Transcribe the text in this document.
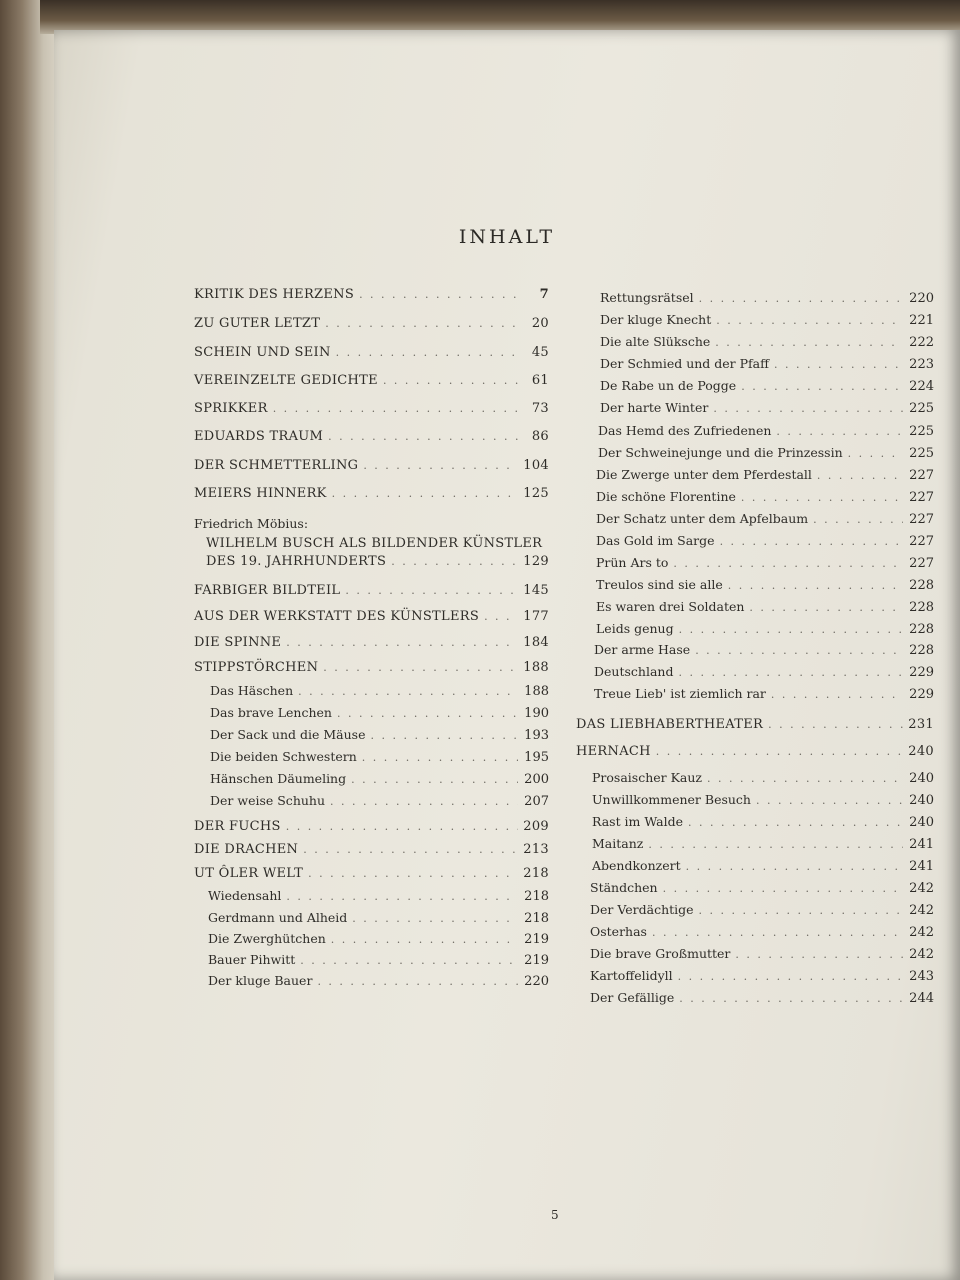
INHALT
KRITIK DES HERZENS . . .	7
ZU GUTER LETZT . . .	20
SCHEIN UND SEIN . . .	45
VEREINZELTE GEDICHTE . . .	61
SPRIKKER . . .	73
EDUARDS TRAUM . . .	86
DER SCHMETTERLING . . .	104
MEIERS HINNERK . . .	125
Friedrich Möbius:
WILHELM BUSCH ALS BILDENDER KÜNSTLER
DES 19. JAHRHUNDERTS . . .	129
FARBIGER BILDTEIL . . .	145
AUS DER WERKSTATT DES KÜNSTLERS . . .	177
DIE SPINNE . . .	184
STIPPSTÖRCHEN . . .	188
Das Häschen . . .	188
Das brave Lenchen . . .	190
Der Sack und die Mäuse . . .	193
Die beiden Schwestern . . .	195
Hänschen Däumeling . . .	200
Der weise Schuhu . . .	207
DER FUCHS . . .	209
DIE DRACHEN . . .	213
UT ÔLER WELT . . .	218
Wiedensahl . . .	218
Gerdmann und Alheid . . .	218
Die Zwerghütchen . . .	219
Bauer Pihwitt . . .	219
Der kluge Bauer . . .	220
Rettungsrätsel . . .	220
Der kluge Knecht . . .	221
Die alte Slüksche . . .	222
Der Schmied und der Pfaff . . .	223
De Rabe un de Pogge . . .	224
Der harte Winter . . .	225
Das Hemd des Zufriedenen . . .	225
Der Schweinejunge und die Prinzessin . . .	225
Die Zwerge unter dem Pferdestall . . .	227
Die schöne Florentine . . .	227
Der Schatz unter dem Apfelbaum . . .	227
Das Gold im Sarge . . .	227
Prün Ars to . . .	227
Treulos sind sie alle . . .	228
Es waren drei Soldaten . . .	228
Leids genug . . .	228
Der arme Hase . . .	228
Deutschland . . .	229
Treue Lieb' ist ziemlich rar . . .	229
DAS LIEBHABERTHEATER . . .	231
HERNACH . . .	240
Prosaischer Kauz . . .	240
Unwillkommener Besuch . . .	240
Rast im Walde . . .	240
Maitanz . . .	241
Abendkonzert . . .	241
Ständchen . . .	242
Der Verdächtige . . .	242
Osterhas . . .	242
Die brave Großmutter . . .	242
Kartoffelidyll . . .	243
Der Gefällige . . .	244
5
